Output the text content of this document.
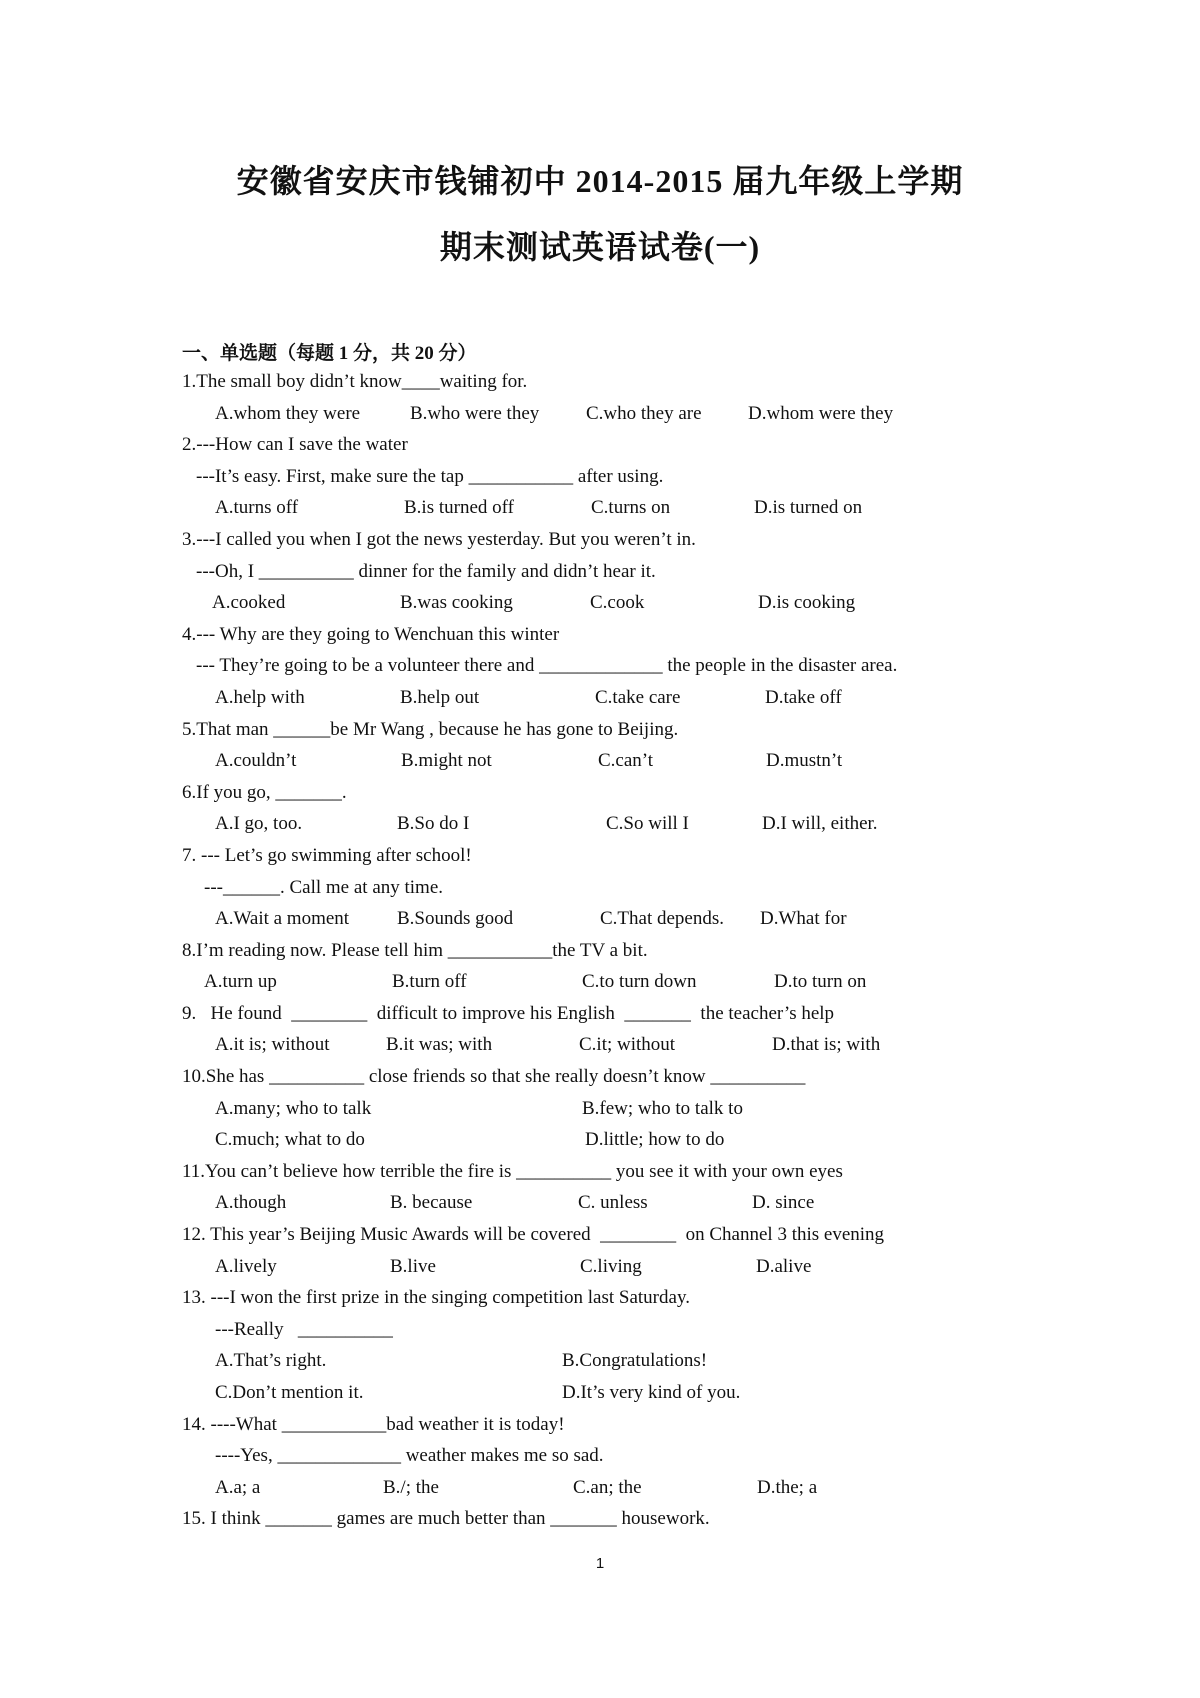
安徽省安庆市钱铺初中 2014-2015 届九年级上学期
期末测试英语试卷(一)

一、单选题（每题 1 分，共 20 分）

1.The small boy didn’t know____waiting for.
A.whom they were	B.who were they C.who they are D.whom were they
2.---How can I save the water
---It’s easy. First, make sure the tap ___________ after using.
A.turns off	B.is turned off	C.turns on	D.is turned on
3.---I called you when I got the news yesterday. But you weren’t in.
---Oh, I __________ dinner for the family and didn’t hear it.
A.cooked	B.was cooking	C.cook	D.is cooking
4.--- Why are they going to Wenchuan this winter
--- They’re going to be a volunteer there and _____________ the people in the disaster area.
A.help with	B.help out	C.take care	D.take off
5.That man ______be Mr Wang , because he has gone to Beijing.
A.couldn’t	B.might not	C.can’t	D.mustn’t
6.If you go, _______.
A.I go, too.	B.So do I	C.So will I	D.I will, either.
7. --- Let’s go swimming after school!
---______. Call me at any time.
A.Wait a moment	B.Sounds good	C.That depends. D.What for
8.I’m reading now. Please tell him ___________the TV a bit.
A.turn up	B.turn off	C.to turn down	D.to turn on
9.   He found  ________  difficult to improve his English  _______  the teacher’s help
A.it is; without	B.it was; with	C.it; without	D.that is; with
10.She has __________ close friends so that she really doesn’t know __________
A.many; who to talk	B.few; who to talk to
C.much; what to do	D.little; how to do
11.You can’t believe how terrible the fire is __________ you see it with your own eyes
A.though	B. because	C. unless	D. since
12. This year’s Beijing Music Awards will be covered  ________  on Channel 3 this evening
A.lively	B.live	C.living	D.alive
13. ---I won the first prize in the singing competition last Saturday.
---Really   __________
A.That’s right.	B.Congratulations!
C.Don’t mention it.	D.It’s very kind of you.
14. ----What ___________bad weather it is today!
----Yes, _____________ weather makes me so sad.
A.a; a	B./; the	C.an; the	D.the; a
15. I think _______ games are much better than _______ housework.

1
